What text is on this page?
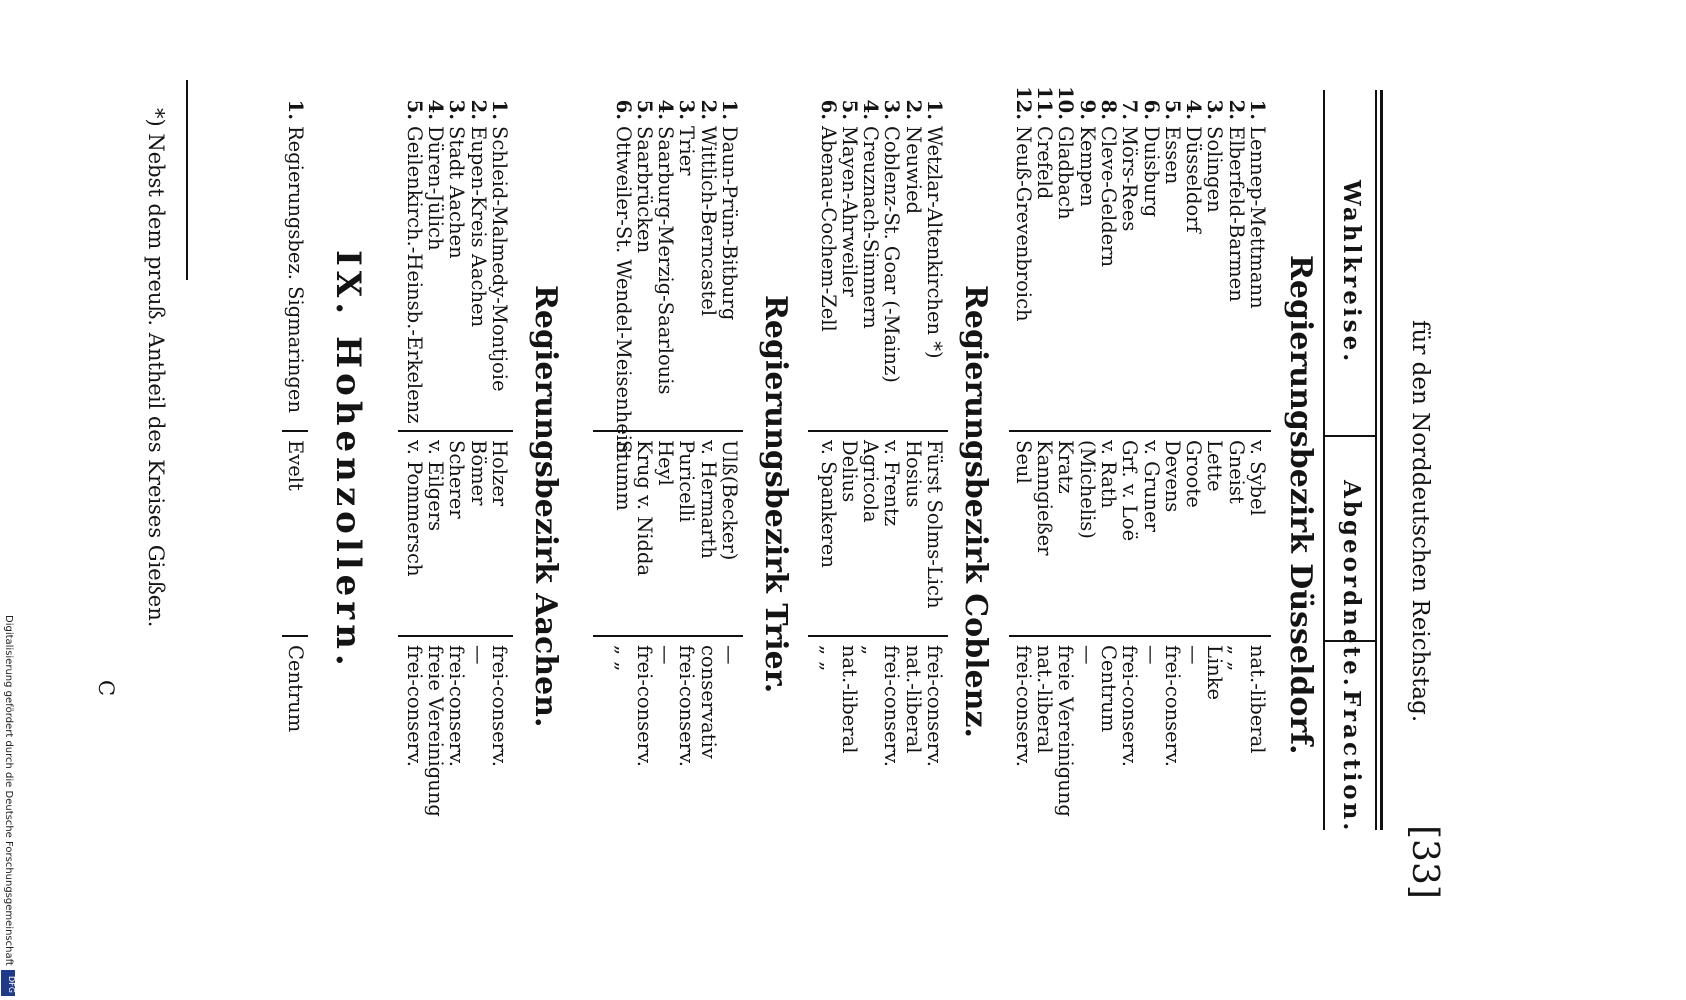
für den Norddeutschen Reichstag.
[33]
Wahlkreise.
Abgeordnete.
Fraction.
Regierungsbezirk Düsseldorf.
1.Lennep-Mettmann
2.Elberfeld-Barmen
3.Solingen
4.Düsseldorf
5.Essen
6.Duisburg
7.Mörs-Rees
8.Cleve-Geldern
9.Kempen
10.Gladbach
11.Crefeld
12.Neuß-Grevenbroich
v. Sybel
Gneist
Lette
Groote
Devens
v. Gruner
Grf. v. Loë
v. Rath
(Michelis)
Kratz
Kanngießer
Seul
nat.-liberal
„ „
Linke
—
frei-conserv.
—
frei-conserv.
Centrum
—
freie Vereinigung
nat.-liberal
frei-conserv.
Regierungsbezirk Coblenz.
1.Wetzlar-Altenkirchen *)
2.Neuwied
3.Coblenz-St. Goar (-Mainz)
4.Creuznach-Simmern
5.Mayen-Ahrweiler
6.Abenau-Cochem-Zell
Fürst Solms-Lich
Hosius
v. Frentz
Agricola
Delius
v. Spankeren
frei-conserv.
nat.-liberal
frei-conserv.
„
nat.-liberal
„ „
Regierungsbezirk Trier.
1.Daun-Prüm-Bitburg
2.Wittlich-Berncastel
3.Trier
4.Saarburg-Merzig-Saarlouis
5.Saarbrücken
6.Ottweiler-St. Wendel-Meisenheim
Ulß(Becker)
v. Hermarth
Puricelli
Heyl
Krug v. Nidda
Stumm
—
conservativ
frei-conserv.
—
frei-conserv.
„ „
Regierungsbezirk Aachen.
1.Schleid-Malmedy-Montjoie
2.Eupen-Kreis Aachen
3.Stadt Aachen
4.Düren-Jülich
5.Geilenkirch.-Heinsb.-Erkelenz
Holzer
Bömer
Scherer
v. Eilgers
v. Pommersch
frei-conserv.
—
frei-conserv.
freie Vereinigung
frei-conserv.
IX. Hohenzollern.
1.Regierungsbez. Sigmaringen
Evelt
Centrum
*) Nebst dem preuß. Antheil des Kreises Gießen.
C
Digitalisierung gefördert durch die Deutsche Forschungsgemeinschaft
DFG
